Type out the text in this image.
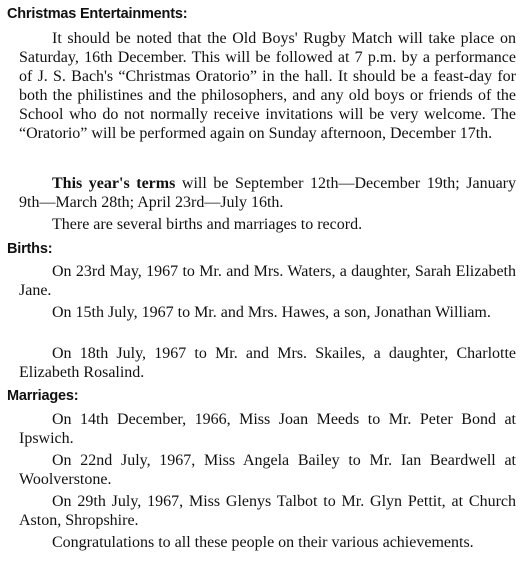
Christmas Entertainments:

It should be noted that the Old Boys' Rugby Match will take place on Saturday, 16th December. This will be followed at 7 p.m. by a performance of J. S. Bach's “Christmas Oratorio” in the hall. It should be a feast-day for both the philistines and the philosophers, and any old boys or friends of the School who do not normally receive invitations will be very welcome. The “Oratorio” will be performed again on Sunday afternoon, December 17th.

This year's terms will be September 12th—December 19th; January 9th—March 28th; April 23rd—July 16th.

There are several births and marriages to record.

Births:

On 23rd May, 1967 to Mr. and Mrs. Waters, a daughter, Sarah Elizabeth Jane.

On 15th July, 1967 to Mr. and Mrs. Hawes, a son, Jonathan William.

On 18th July, 1967 to Mr. and Mrs. Skailes, a daughter, Charlotte Elizabeth Rosalind.

Marriages:

On 14th December, 1966, Miss Joan Meeds to Mr. Peter Bond at Ipswich.

On 22nd July, 1967, Miss Angela Bailey to Mr. Ian Beardwell at Woolverstone.

On 29th July, 1967, Miss Glenys Talbot to Mr. Glyn Pettit, at Church Aston, Shropshire.

Congratulations to all these people on their various achievements.
